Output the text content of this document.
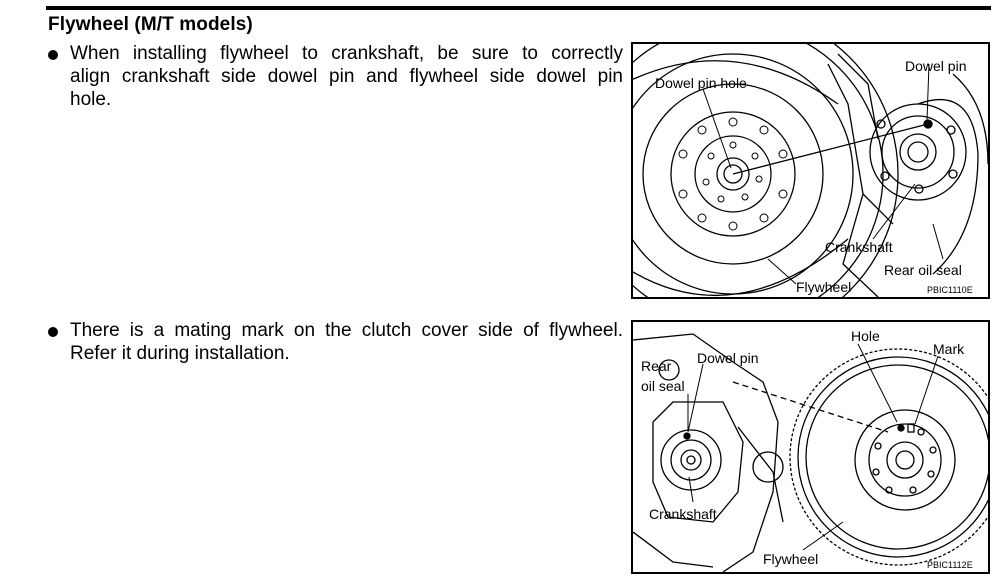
Flywheel (M/T models)
When installing flywheel to crankshaft, be sure to correctly
align crankshaft side dowel pin and flywheel side dowel pin
hole.
There is a mating mark on the clutch cover side of flywheel.
Refer it during installation.
Dowel pin hole
Dowel pin
Crankshaft
Rear oil seal
Flywheel	PBIC1110E
Rear
oil seal
Dowel pin
Hole
Mark
Crankshaft
Flywheel	PBIC1112E
